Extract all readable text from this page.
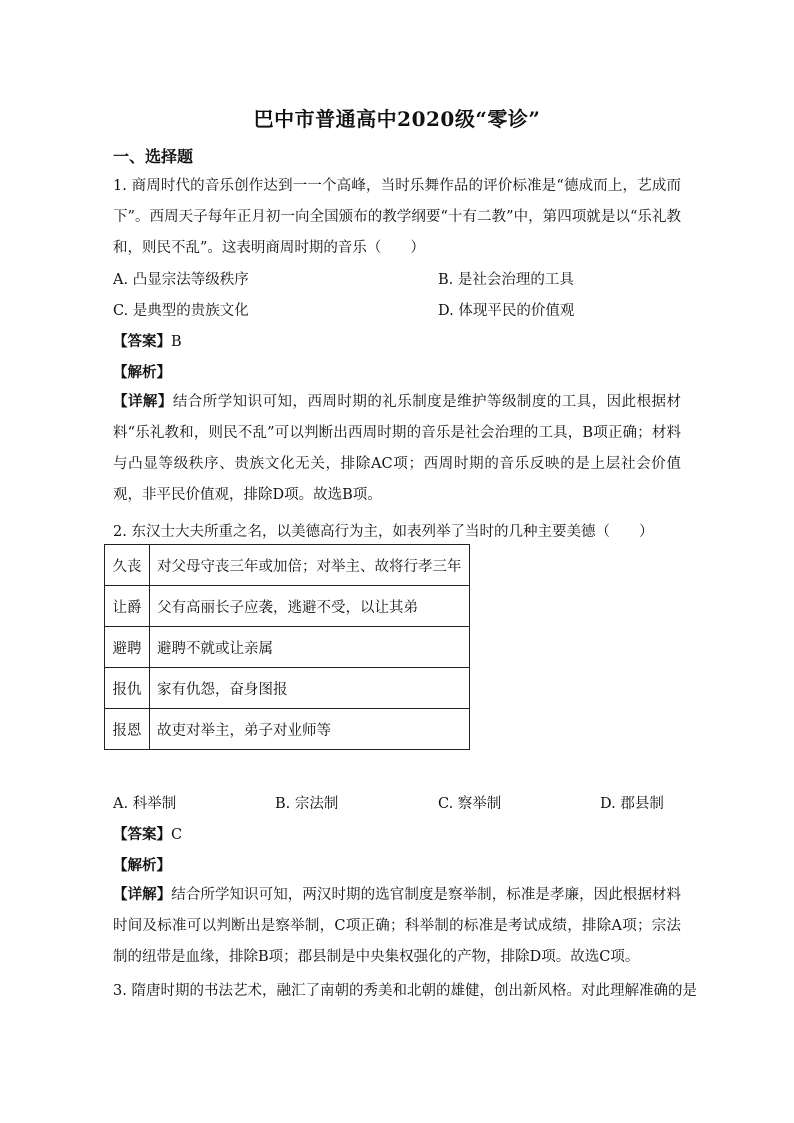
巴中市普通高中2020级“零诊”
一、选择题
1. 商周时代的音乐创作达到一一个高峰，当时乐舞作品的评价标准是“德成而上，艺成而下”。西周天子每年正月初一向全国颁布的教学纲要“十有二教”中，第四项就是以“乐礼教和，则民不乱”。这表明商周时期的音乐（　　）
A. 凸显宗法等级秩序	B. 是社会治理的工具
C. 是典型的贵族文化	D. 体现平民的价值观
【答案】B
【解析】
【详解】结合所学知识可知，西周时期的礼乐制度是维护等级制度的工具，因此根据材料“乐礼教和，则民不乱”可以判断出西周时期的音乐是社会治理的工具，B项正确；材料与凸显等级秩序、贵族文化无关，排除AC项；西周时期的音乐反映的是上层社会价值观，非平民价值观，排除D项。故选B项。
2. 东汉士大夫所重之名，以美德高行为主，如表列举了当时的几种主要美德（　　）
久丧	对父母守丧三年或加倍；对举主、故将行孝三年
让爵	父有高丽长子应袭，逃避不受，以让其弟
避聘	避聘不就或让亲属
报仇	家有仇怨，奋身图报
报恩	故吏对举主，弟子对业师等
A. 科举制	B. 宗法制	C. 察举制	D. 郡县制
【答案】C
【解析】
【详解】结合所学知识可知，两汉时期的选官制度是察举制，标准是孝廉，因此根据材料时间及标准可以判断出是察举制，C项正确；科举制的标准是考试成绩，排除A项；宗法制的纽带是血缘，排除B项；郡县制是中央集权强化的产物，排除D项。故选C项。
3. 隋唐时期的书法艺术，融汇了南朝的秀美和北朝的雄健，创出新风格。对此理解准确的是
